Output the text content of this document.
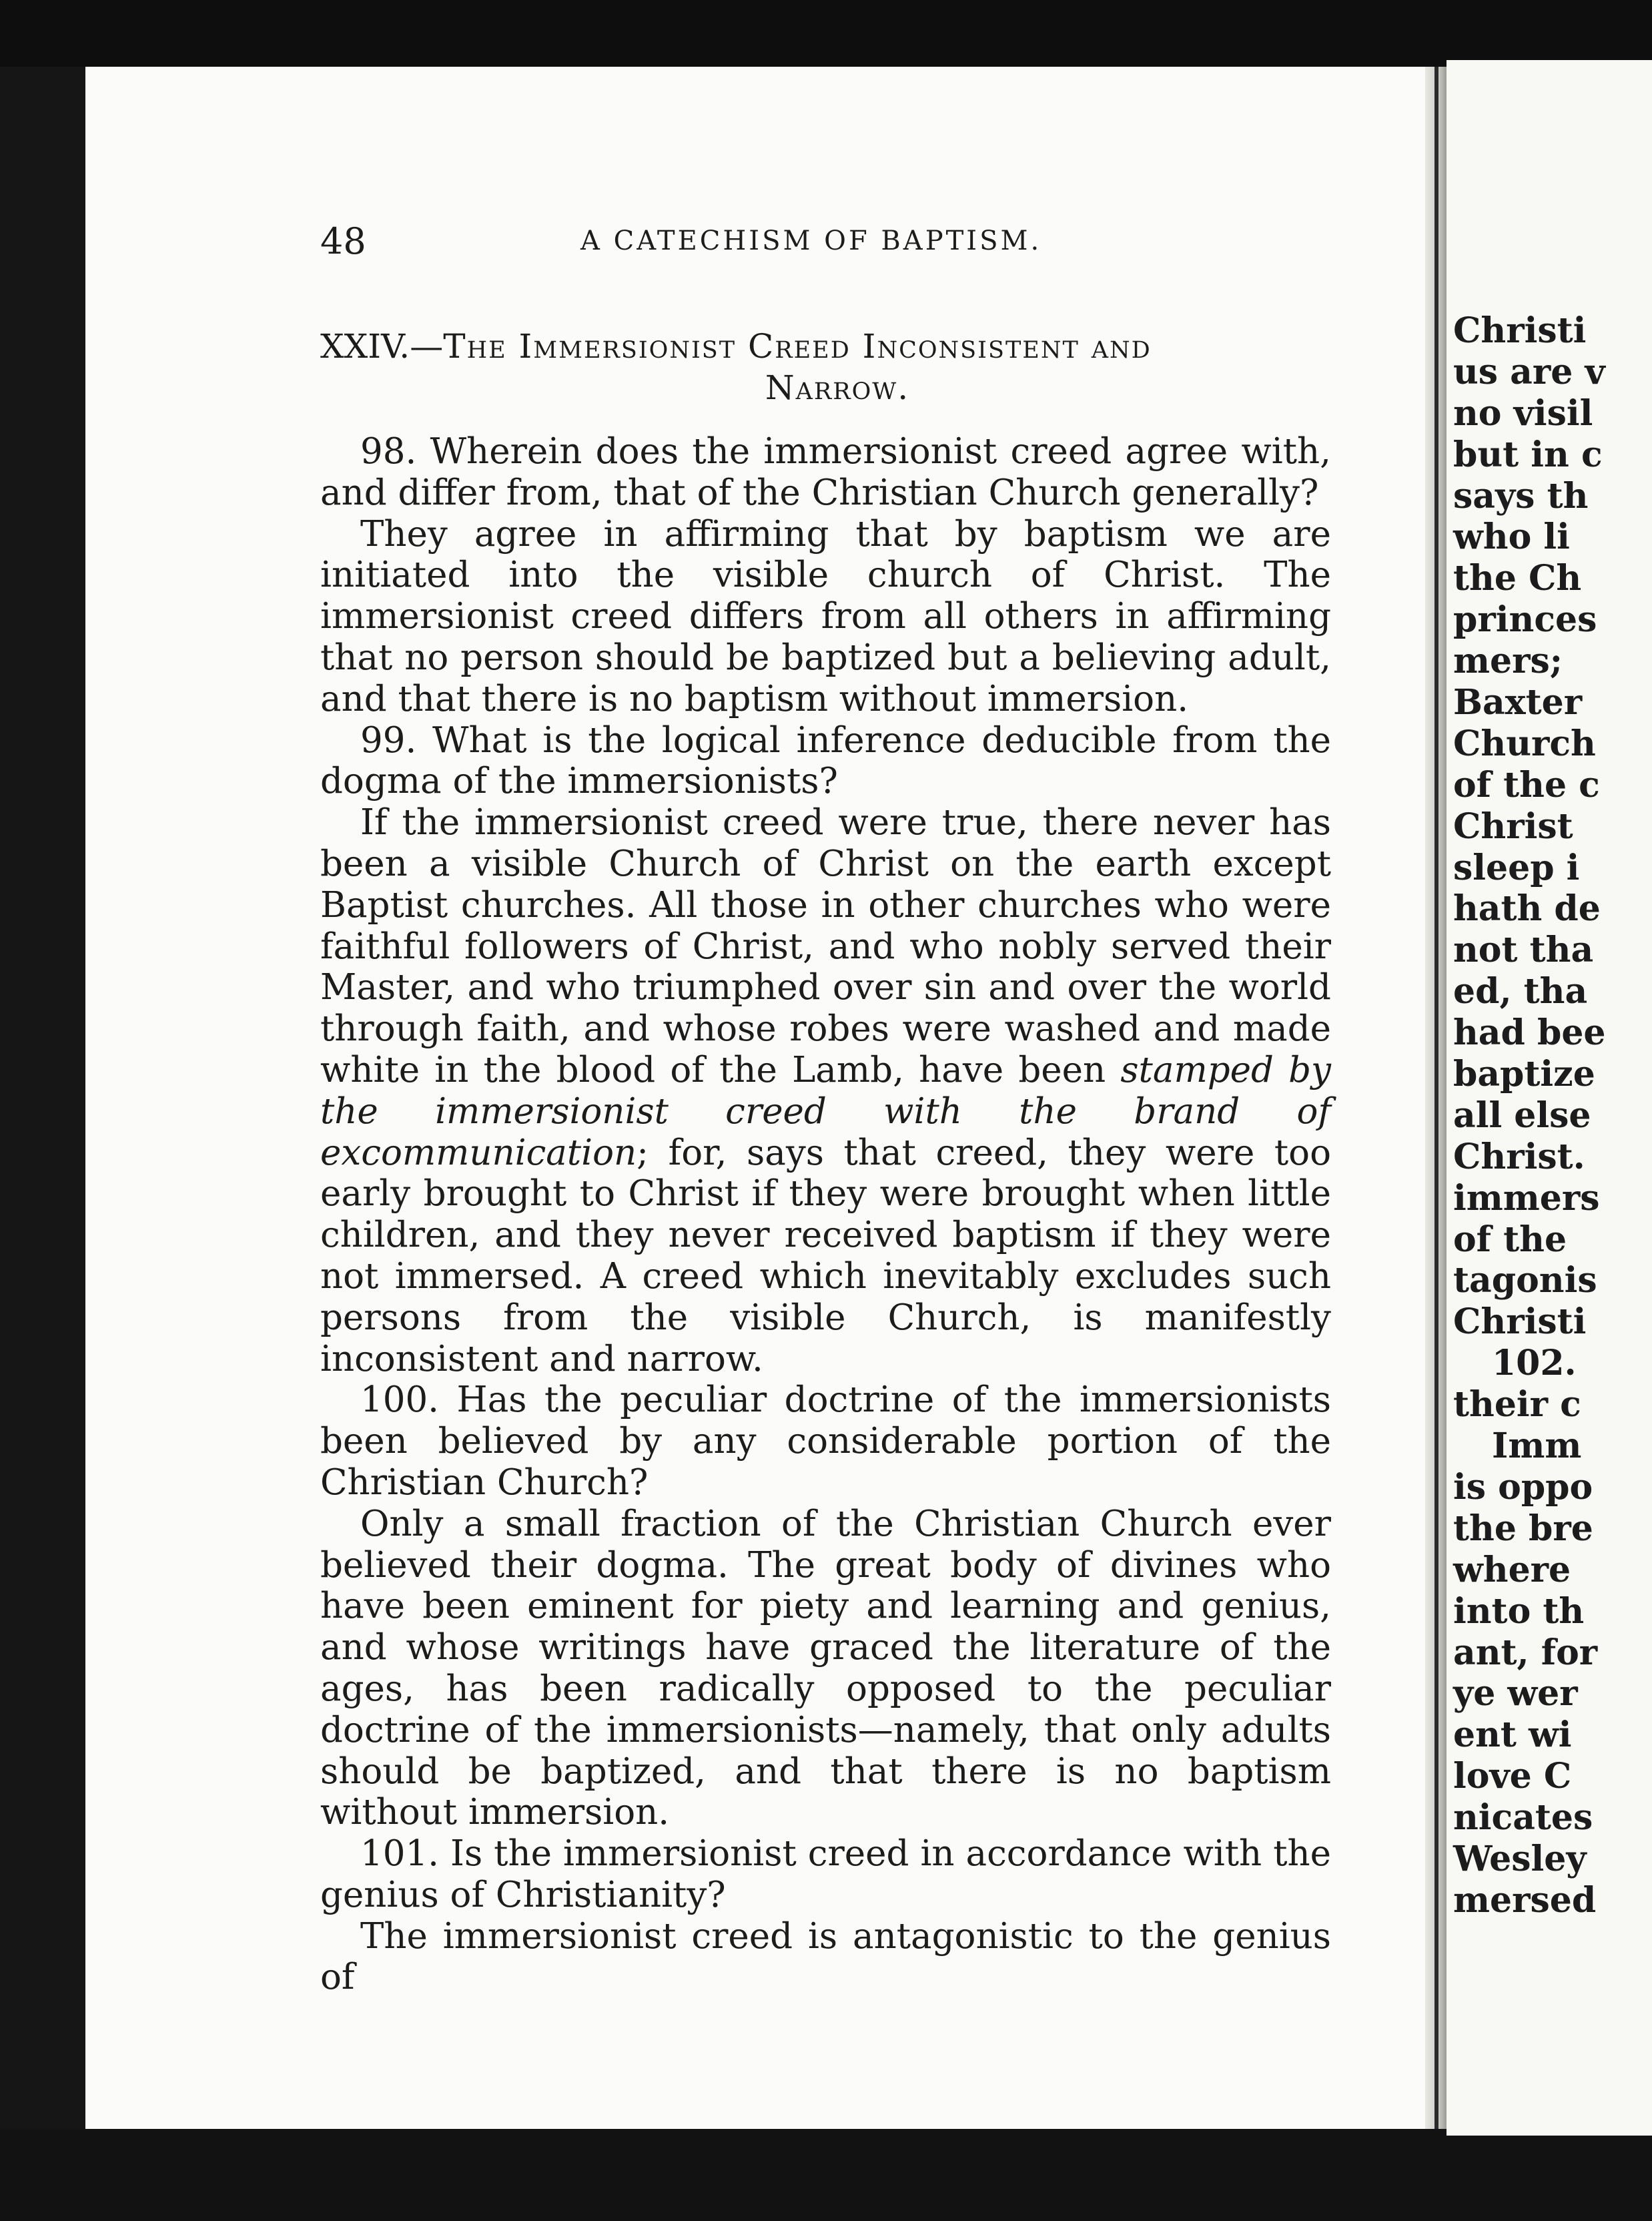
48	A CATECHISM OF BAPTISM.
XXIV.—The Immersionist Creed Inconsistent and
Narrow.

98. Wherein does the immersionist creed agree with, and differ from, that of the Christian Church generally?

They agree in affirming that by baptism we are initiated into the visible church of Christ. The immersionist creed differs from all others in affirming that no person should be baptized but a believing adult, and that there is no baptism without immersion.

99. What is the logical inference deducible from the dogma of the immersionists?

If the immersionist creed were true, there never has been a visible Church of Christ on the earth except Baptist churches. All those in other churches who were faithful followers of Christ, and who nobly served their Master, and who triumphed over sin and over the world through faith, and whose robes were washed and made white in the blood of the Lamb, have been stamped by the immersionist creed with the brand of excommunication; for, says that creed, they were too early brought to Christ if they were brought when little children, and they never received baptism if they were not immersed. A creed which inevitably excludes such persons from the visible Church, is manifestly inconsistent and narrow.

100. Has the peculiar doctrine of the immersionists been believed by any considerable portion of the Christian Church?

Only a small fraction of the Christian Church ever believed their dogma. The great body of divines who have been eminent for piety and learning and genius, and whose writings have graced the literature of the ages, has been radically opposed to the peculiar doctrine of the immersionists—namely, that only adults should be baptized, and that there is no baptism without immersion.

101. Is the immersionist creed in accordance with the genius of Christianity?

The immersionist creed is antagonistic to the genius of

Christi
us are v
no visil
but in c
says th
who li
the Ch
princes
mers;
Baxter
Church
of the c
Christ
sleep i
hath de
not tha
ed, tha
had bee
baptize
all else
Christ.
immers
of the
tagonis
Christi
102.
their c
Imm
is oppo
the bre
where
into th
ant, for
ye wer
ent wi
love C
nicates
Wesley
mersed
